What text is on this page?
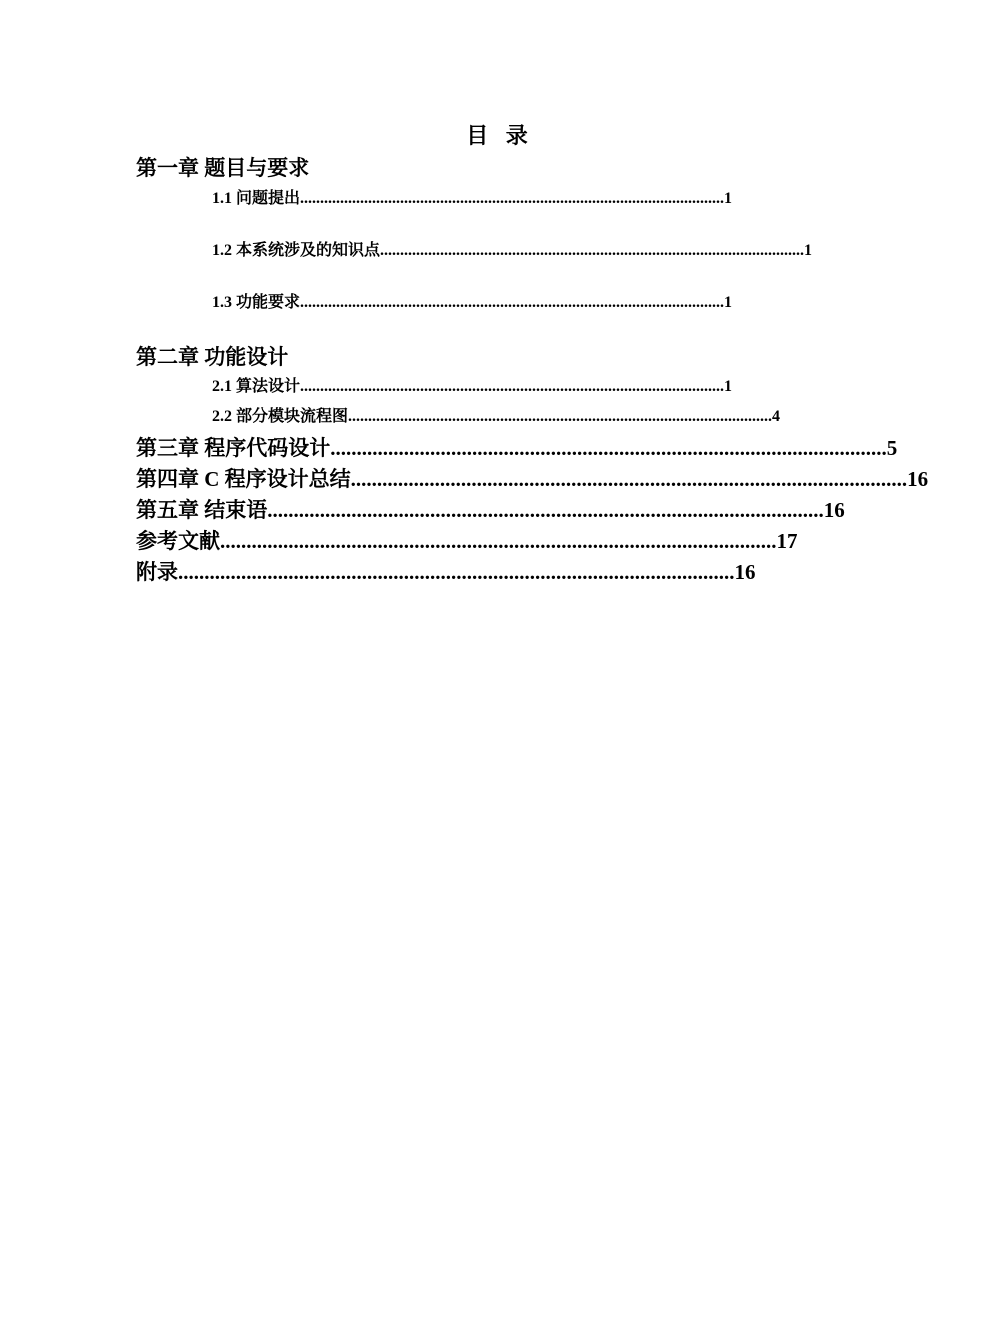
目 录
第一章 题目与要求
1.1 问题提出 .......................................................................................................... 1
1.2 本系统涉及的知识点 .......................................................................................................... 1
1.3 功能要求 .......................................................................................................... 1
第二章 功能设计
2.1 算法设计 .......................................................................................................... 1
2.2 部分模块流程图 .......................................................................................................... 4
第三章 程序代码设计 .......................................................................................................... 5
第四章 C 程序设计总结 .......................................................................................................... 16
第五章 结束语 .......................................................................................................... 16
参考文献 .......................................................................................................... 17
附录 .......................................................................................................... 16
